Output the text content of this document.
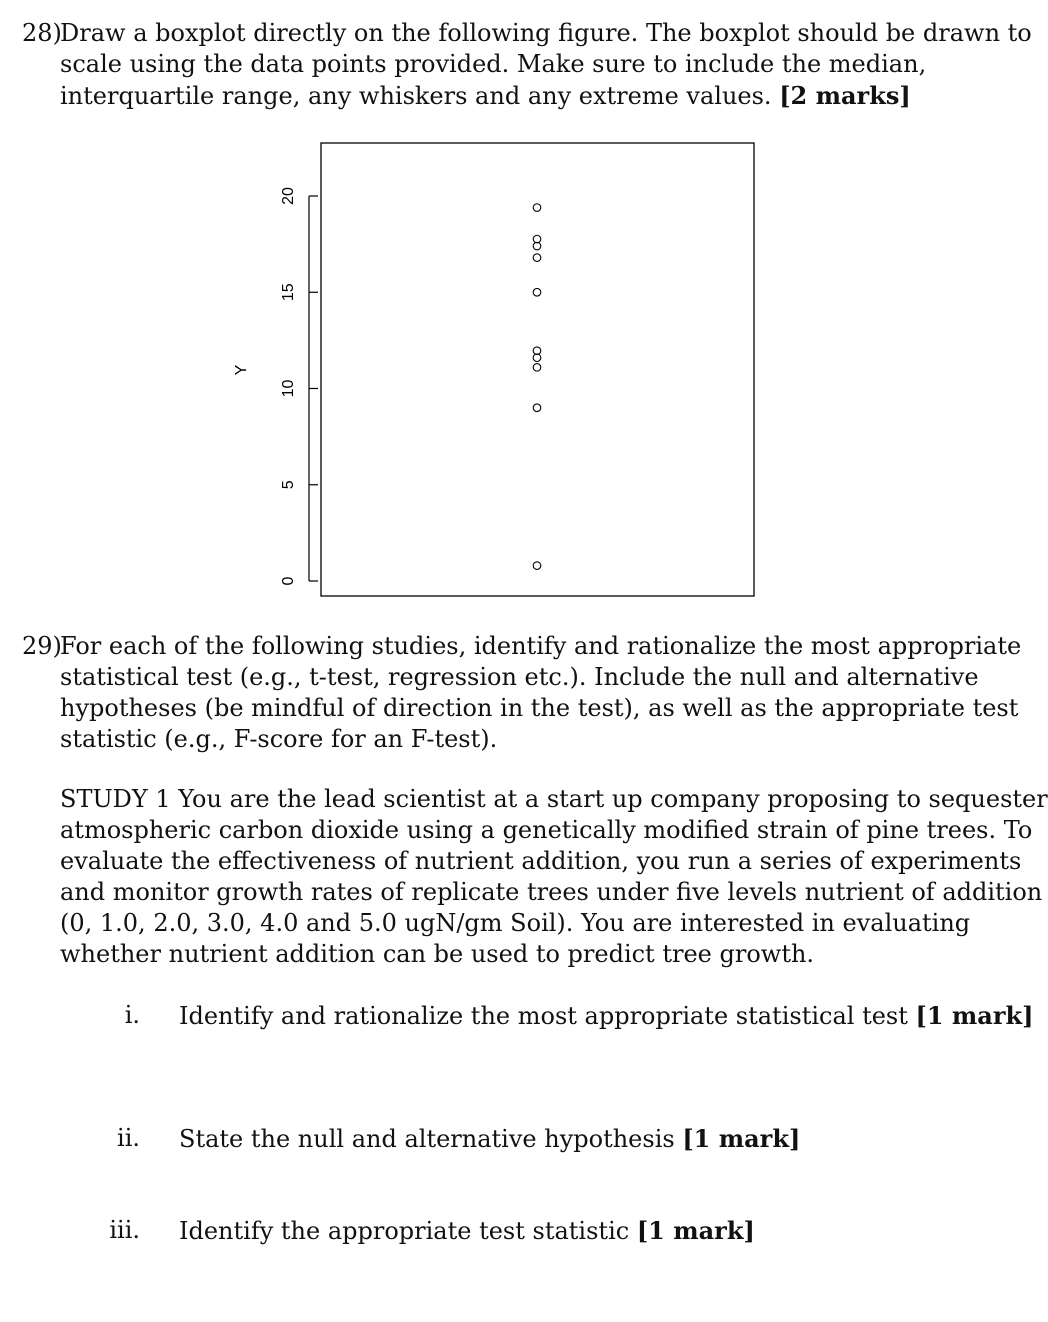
28)
Draw a boxplot directly on the following figure. The boxplot should be drawn to
scale using the data points provided. Make sure to include the median,
interquartile range, any whiskers and any extreme values. [2 marks]
0
5
10
15
20
Y
29)
For each of the following studies, identify and rationalize the most appropriate
statistical test (e.g., t-test, regression etc.). Include the null and alternative
hypotheses (be mindful of direction in the test), as well as the appropriate test
statistic (e.g., F-score for an F-test).
STUDY 1 You are the lead scientist at a start up company proposing to sequester
atmospheric carbon dioxide using a genetically modified strain of pine trees. To
evaluate the effectiveness of nutrient addition, you run a series of experiments
and monitor growth rates of replicate trees under five levels nutrient of addition
(0, 1.0, 2.0, 3.0, 4.0 and 5.0 ugN/gm Soil). You are interested in evaluating
whether nutrient addition can be used to predict tree growth.
i. Identify and rationalize the most appropriate statistical test [1 mark]
ii. State the null and alternative hypothesis [1 mark]
iii. Identify the appropriate test statistic [1 mark]
